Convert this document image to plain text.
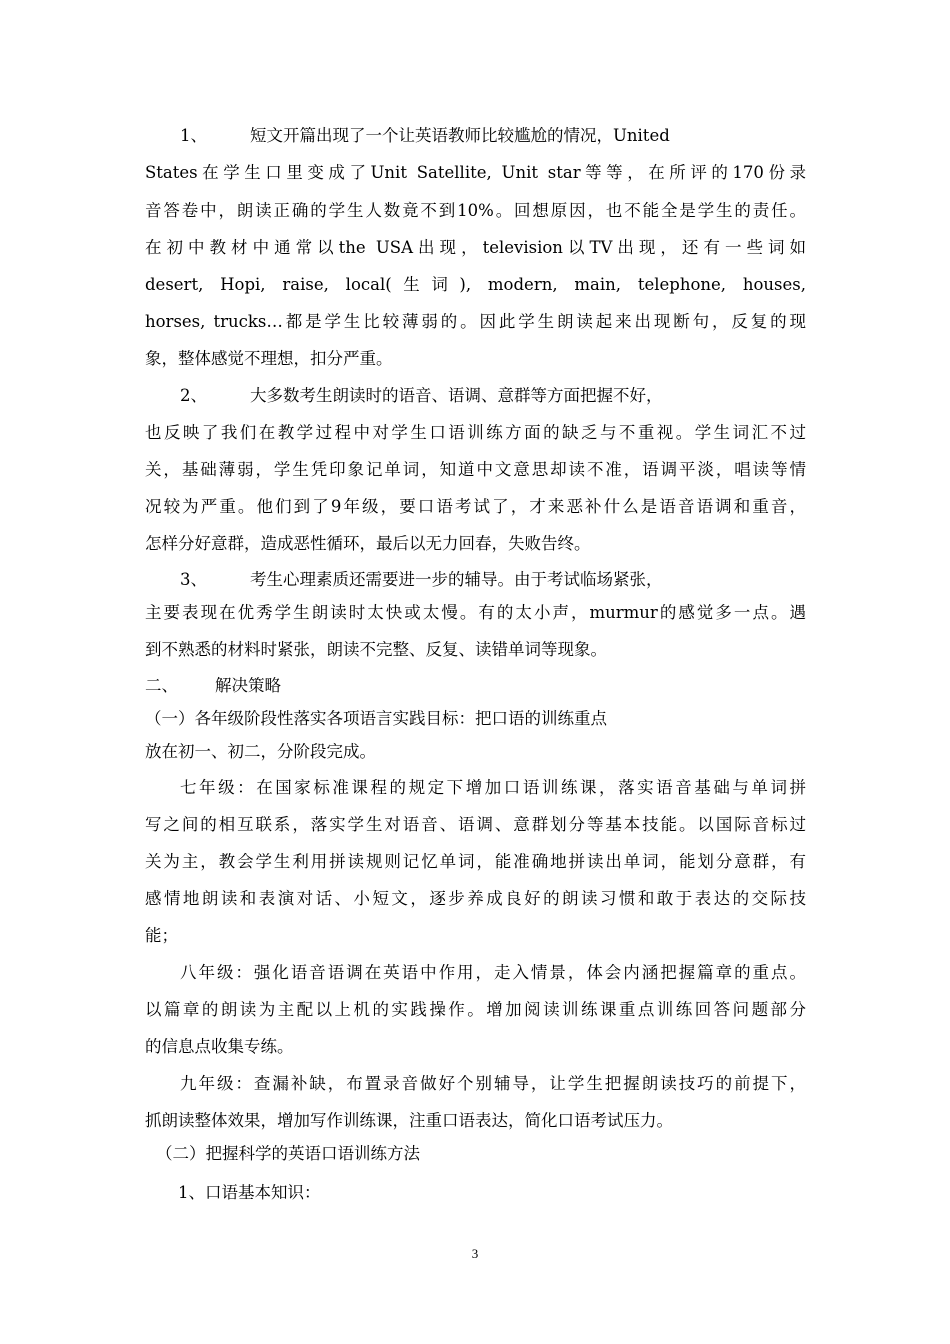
1、	短文开篇出现了一个让英语教师比较尴尬的情况，United

States在学生口里变成了Unit Satellite, Unit star等等，在所评的170份录

音答卷中，朗读正确的学生人数竟不到10%。回想原因，也不能全是学生的责任。

在初中教材中通常以the USA出现，television以TV出现，还有一些词如

desert, Hopi, raise, local(生词), modern, main, telephone, houses,

horses, trucks…都是学生比较薄弱的。因此学生朗读起来出现断句，反复的现

象，整体感觉不理想，扣分严重。

2、	大多数考生朗读时的语音、语调、意群等方面把握不好，

也反映了我们在教学过程中对学生口语训练方面的缺乏与不重视。学生词汇不过

关，基础薄弱，学生凭印象记单词，知道中文意思却读不准，语调平淡，唱读等情

况较为严重。他们到了9年级，要口语考试了，才来恶补什么是语音语调和重音，

怎样分好意群，造成恶性循环，最后以无力回春，失败告终。

3、	考生心理素质还需要进一步的辅导。由于考试临场紧张，

主要表现在优秀学生朗读时太快或太慢。有的太小声，murmur的感觉多一点。遇

到不熟悉的材料时紧张，朗读不完整、反复、读错单词等现象。

二、 解决策略

（一）各年级阶段性落实各项语言实践目标：把口语的训练重点

放在初一、初二，分阶段完成。

七年级：在国家标准课程的规定下增加口语训练课，落实语音基础与单词拼

写之间的相互联系，落实学生对语音、语调、意群划分等基本技能。以国际音标过

关为主，教会学生利用拼读规则记忆单词，能准确地拼读出单词，能划分意群，有

感情地朗读和表演对话、小短文，逐步养成良好的朗读习惯和敢于表达的交际技

能；

八年级：强化语音语调在英语中作用，走入情景，体会内涵把握篇章的重点。

以篇章的朗读为主配以上机的实践操作。增加阅读训练课重点训练回答问题部分

的信息点收集专练。

九年级：查漏补缺，布置录音做好个别辅导，让学生把握朗读技巧的前提下，

抓朗读整体效果，增加写作训练课，注重口语表达，简化口语考试压力。

（二）把握科学的英语口语训练方法

1、口语基本知识：

3
